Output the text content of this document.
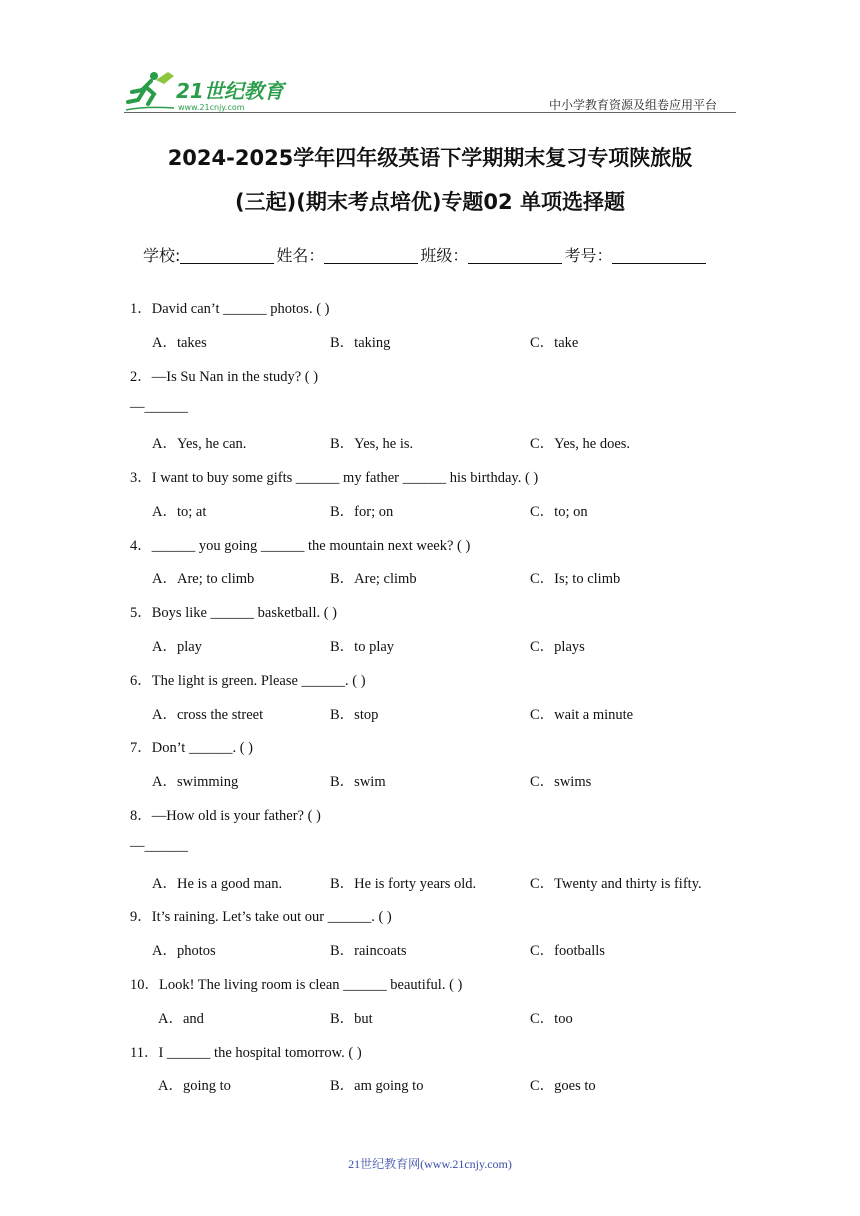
21世纪教育
www.21cnjy.com	中小学教育资源及组卷应用平台
2024-2025学年四年级英语下学期期末复习专项陕旅版
(三起)(期末考点培优)专题02 单项选择题
学校:	姓名：	班级：	考号：
1．David can’t ______ photos. ( )
A．takes	B．taking	C．take
2．—Is Su Nan in the study? ( )
—______
A．Yes, he can.	B．Yes, he is.	C．Yes, he does.
3．I want to buy some gifts ______ my father ______ his birthday. ( )
A．to; at	B．for; on	C．to; on
4．______ you going ______ the mountain next week? ( )
A．Are; to climb	B．Are; climb	C．Is; to climb
5．Boys like ______ basketball. ( )
A．play	B．to play	C．plays
6．The light is green. Please ______. ( )
A．cross the street	B．stop	C．wait a minute
7．Don’t ______. ( )
A．swimming	B．swim	C．swims
8．—How old is your father? ( )
—______
A．He is a good man.	B．He is forty years old.	C．Twenty and thirty is fifty.
9．It’s raining. Let’s take out our ______. ( )
A．photos	B．raincoats	C．footballs
10．Look! The living room is clean ______ beautiful. ( )
A．and	B．but	C．too
11．I ______ the hospital tomorrow. ( )
A．going to	B．am going to	C．goes to
21世纪教育网(www.21cnjy.com)
